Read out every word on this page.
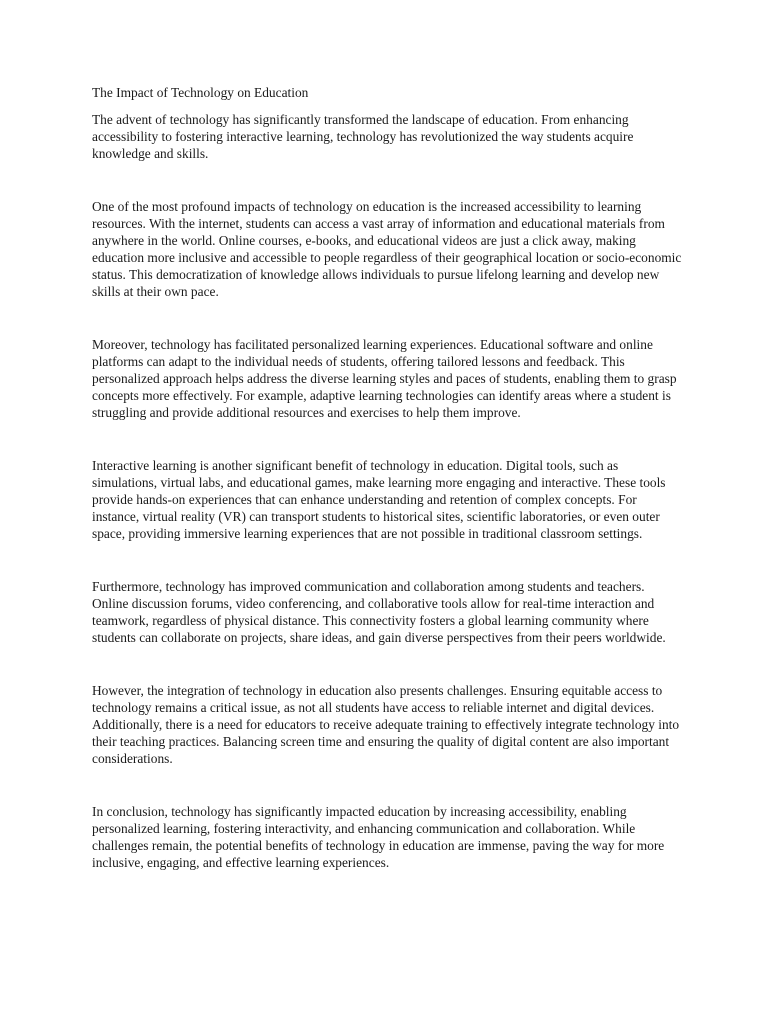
The Impact of Technology on Education

The advent of technology has significantly transformed the landscape of education. From enhancing accessibility to fostering interactive learning, technology has revolutionized the way students acquire knowledge and skills.

One of the most profound impacts of technology on education is the increased accessibility to learning resources. With the internet, students can access a vast array of information and educational materials from anywhere in the world. Online courses, e-books, and educational videos are just a click away, making education more inclusive and accessible to people regardless of their geographical location or socio-economic status. This democratization of knowledge allows individuals to pursue lifelong learning and develop new skills at their own pace.

Moreover, technology has facilitated personalized learning experiences. Educational software and online platforms can adapt to the individual needs of students, offering tailored lessons and feedback. This personalized approach helps address the diverse learning styles and paces of students, enabling them to grasp concepts more effectively. For example, adaptive learning technologies can identify areas where a student is struggling and provide additional resources and exercises to help them improve.

Interactive learning is another significant benefit of technology in education. Digital tools, such as simulations, virtual labs, and educational games, make learning more engaging and interactive. These tools provide hands-on experiences that can enhance understanding and retention of complex concepts. For instance, virtual reality (VR) can transport students to historical sites, scientific laboratories, or even outer space, providing immersive learning experiences that are not possible in traditional classroom settings.

Furthermore, technology has improved communication and collaboration among students and teachers. Online discussion forums, video conferencing, and collaborative tools allow for real-time interaction and teamwork, regardless of physical distance. This connectivity fosters a global learning community where students can collaborate on projects, share ideas, and gain diverse perspectives from their peers worldwide.

However, the integration of technology in education also presents challenges. Ensuring equitable access to technology remains a critical issue, as not all students have access to reliable internet and digital devices. Additionally, there is a need for educators to receive adequate training to effectively integrate technology into their teaching practices. Balancing screen time and ensuring the quality of digital content are also important considerations.

In conclusion, technology has significantly impacted education by increasing accessibility, enabling personalized learning, fostering interactivity, and enhancing communication and collaboration. While challenges remain, the potential benefits of technology in education are immense, paving the way for more inclusive, engaging, and effective learning experiences.
